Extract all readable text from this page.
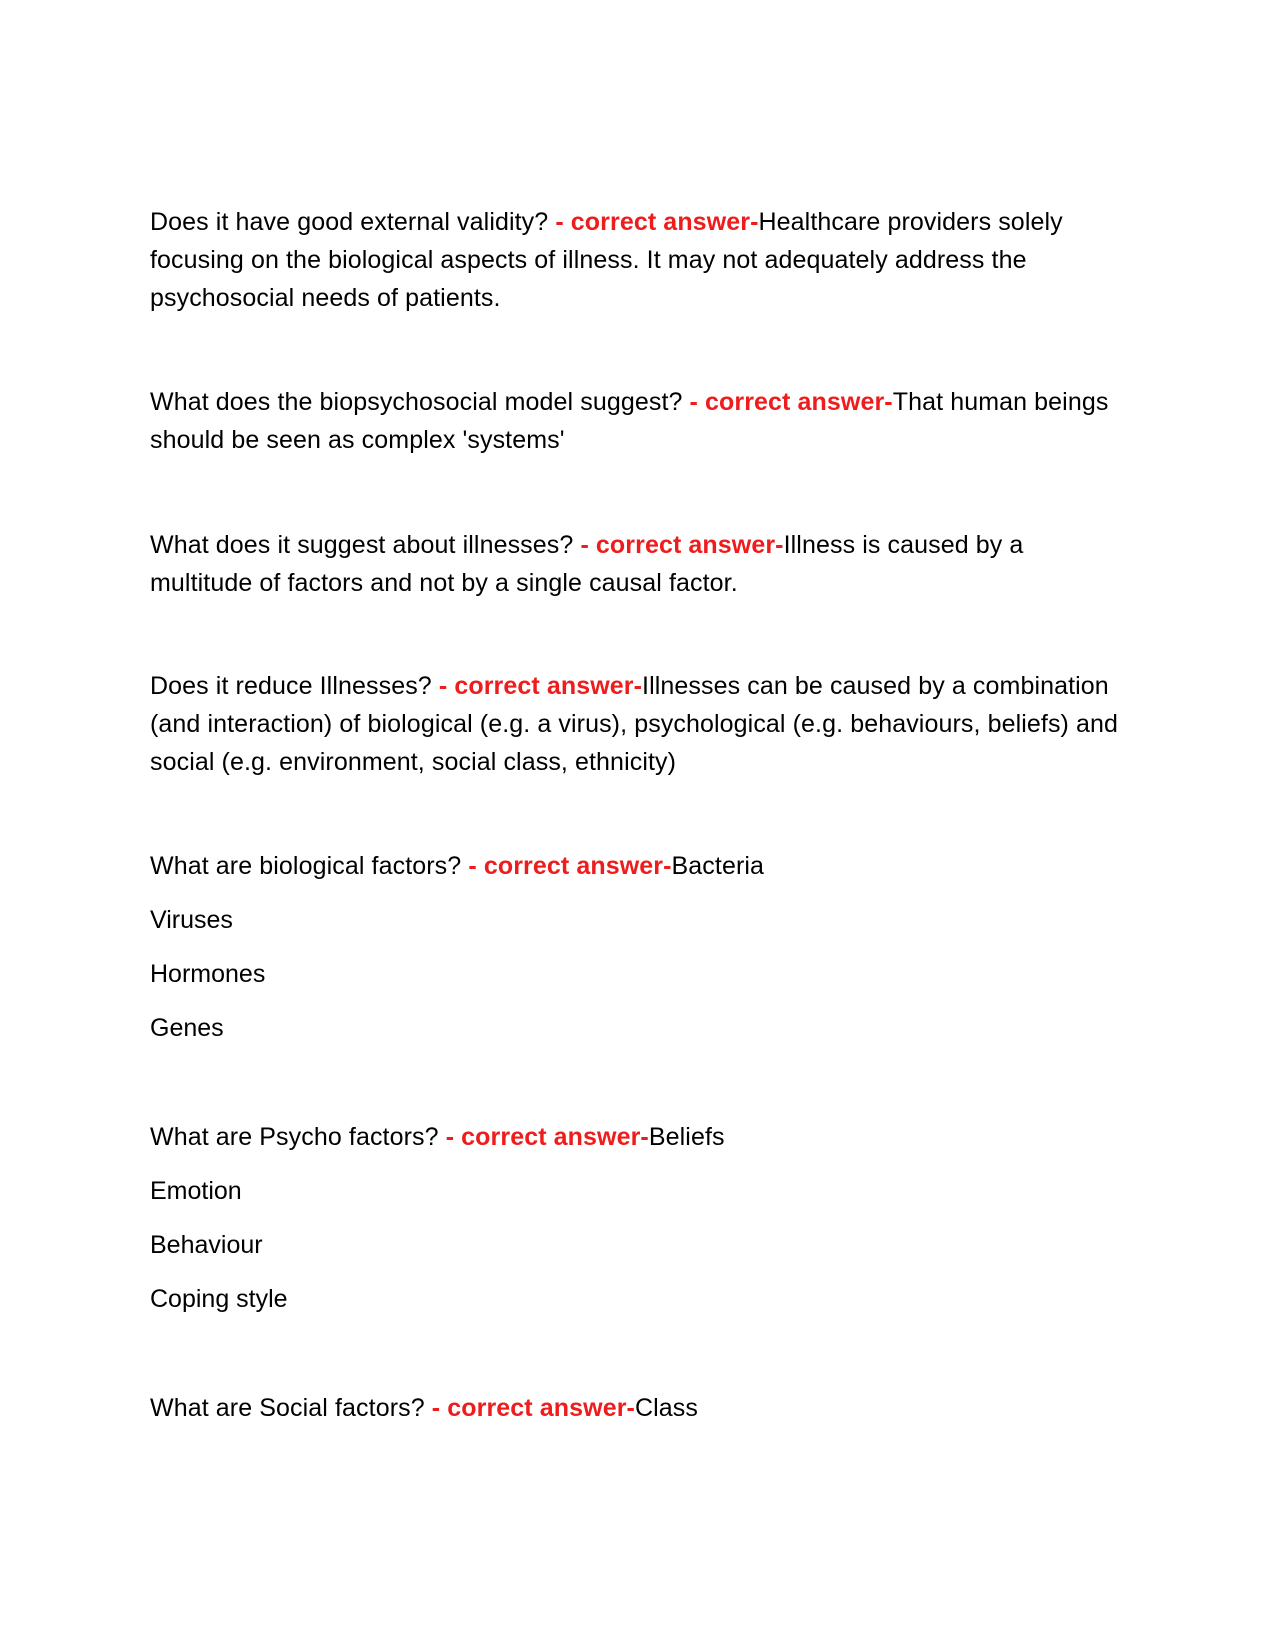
Does it have good external validity? - correct answer-Healthcare providers solely focusing on the biological aspects of illness. It may not adequately address the psychosocial needs of patients.

What does the biopsychosocial model suggest? - correct answer-That human beings should be seen as complex 'systems'

What does it suggest about illnesses? - correct answer-Illness is caused by a multitude of factors and not by a single causal factor.

Does it reduce Illnesses? - correct answer-Illnesses can be caused by a combination (and interaction) of biological (e.g. a virus), psychological (e.g. behaviours, beliefs) and social (e.g. environment, social class, ethnicity)

What are biological factors? - correct answer-Bacteria

Viruses

Hormones

Genes

What are Psycho factors? - correct answer-Beliefs

Emotion

Behaviour

Coping style

What are Social factors? - correct answer-Class
